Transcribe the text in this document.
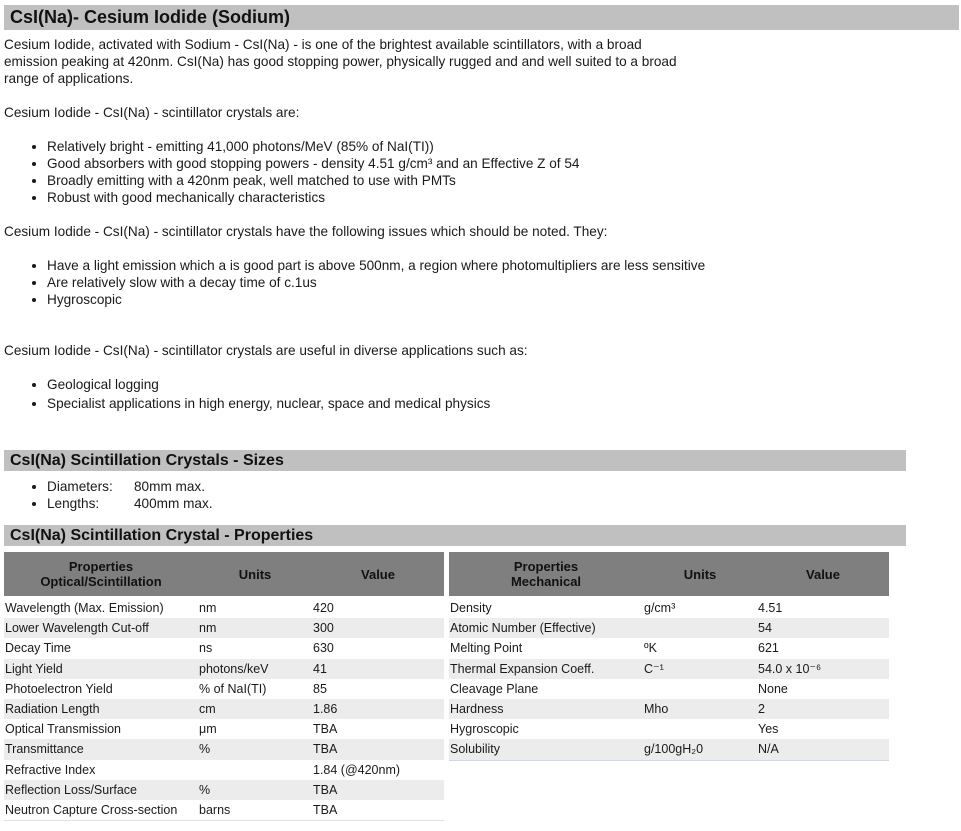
CsI(Na)- Cesium Iodide (Sodium)

Cesium Iodide, activated with Sodium - CsI(Na) - is one of the brightest available scintillators, with a broad emission peaking at 420nm. CsI(Na) has good stopping power, physically rugged and and well suited to a broad range of applications.

Cesium Iodide - CsI(Na) - scintillator crystals are:

• Relatively bright - emitting 41,000 photons/MeV (85% of NaI(TI))
• Good absorbers with good stopping powers - density 4.51 g/cm³ and an Effective Z of 54
• Broadly emitting with a 420nm peak, well matched to use with PMTs
• Robust with good mechanically characteristics

Cesium Iodide - CsI(Na) - scintillator crystals have the following issues which should be noted. They:

• Have a light emission which a is good part is above 500nm, a region where photomultipliers are less sensitive
• Are relatively slow with a decay time of c.1us
• Hygroscopic

Cesium Iodide - CsI(Na) - scintillator crystals are useful in diverse applications such as:

• Geological logging
• Specialist applications in high energy, nuclear, space and medical physics
CsI(Na) Scintillation Crystals - Sizes
• Diameters: 80mm max.
• Lengths:	400mm max.
CsI(Na) Scintillation Crystal - Properties
Properties
Optical/Scintillation	Units	Value
Wavelength (Max. Emission)	nm	420
Lower Wavelength Cut-off	nm	300
Decay Time	ns	630
Light Yield	photons/keV	41
Photoelectron Yield	% of NaI(TI)	85
Radiation Length	cm	1.86
Optical Transmission	μm	TBA
Transmittance	%	TBA
Refractive Index		1.84 (@420nm)
Reflection Loss/Surface	%	TBA
Neutron Capture Cross-section	barns	TBA
Properties
Mechanical	Units	Value
Density	g/cm³	4.51
Atomic Number (Effective)		54
Melting Point	ºK	621
Thermal Expansion Coeff.	C⁻¹	54.0 x 10⁻⁶
Cleavage Plane		None
Hardness	Mho	2
Hygroscopic		Yes
Solubility	g/100gH₂0	N/A
